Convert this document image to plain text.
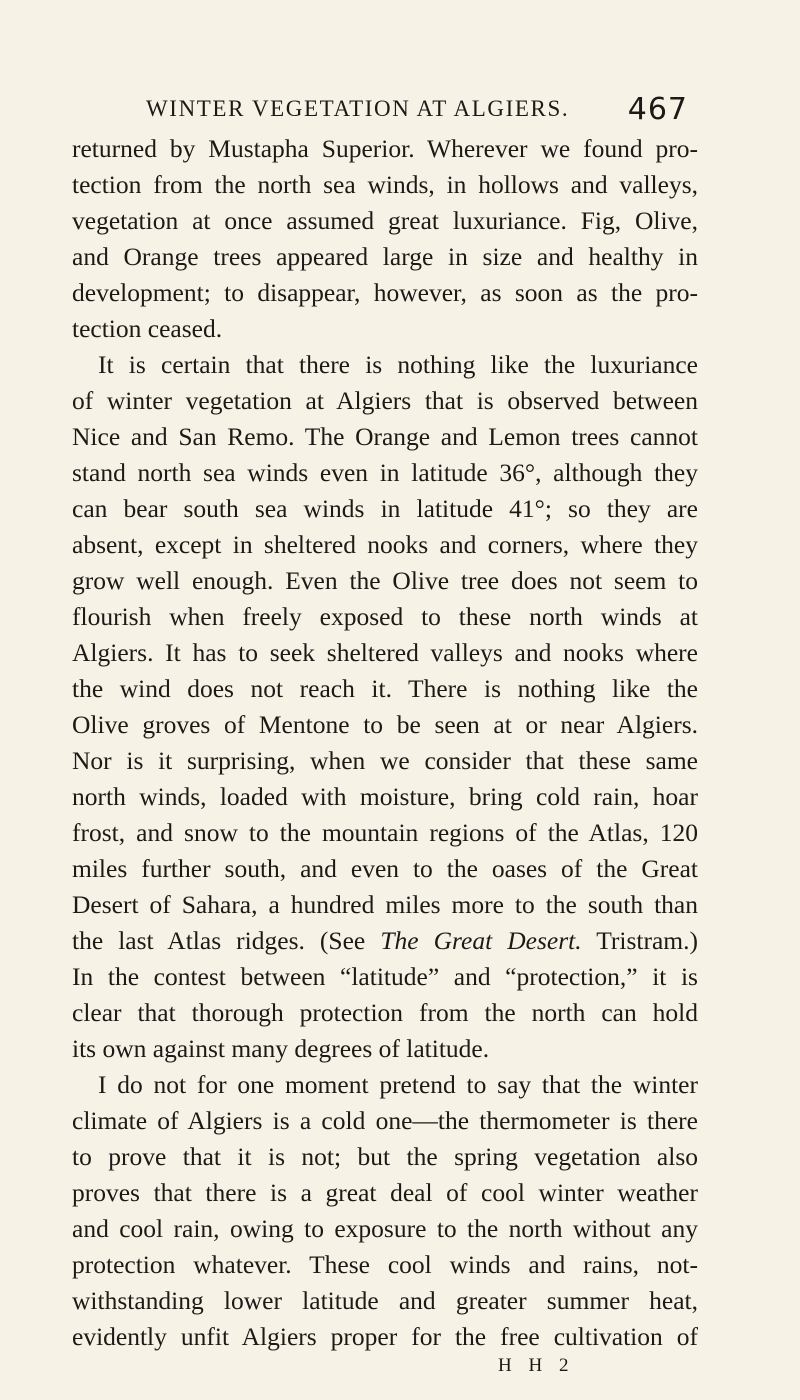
WINTER VEGETATION AT ALGIERS. 467
returned by Mustapha Superior. Wherever we found pro-
tection from the north sea winds, in hollows and valleys,
vegetation at once assumed great luxuriance. Fig, Olive,
and Orange trees appeared large in size and healthy in
development; to disappear, however, as soon as the pro-
tection ceased.
It is certain that there is nothing like the luxuriance
of winter vegetation at Algiers that is observed between
Nice and San Remo. The Orange and Lemon trees cannot
stand north sea winds even in latitude 36°, although they
can bear south sea winds in latitude 41°; so they are
absent, except in sheltered nooks and corners, where they
grow well enough. Even the Olive tree does not seem to
flourish when freely exposed to these north winds at
Algiers. It has to seek sheltered valleys and nooks where
the wind does not reach it. There is nothing like the
Olive groves of Mentone to be seen at or near Algiers.
Nor is it surprising, when we consider that these same
north winds, loaded with moisture, bring cold rain, hoar
frost, and snow to the mountain regions of the Atlas, 120
miles further south, and even to the oases of the Great
Desert of Sahara, a hundred miles more to the south than
the last Atlas ridges. (See The Great Desert. Tristram.)
In the contest between “latitude” and “protection,” it is
clear that thorough protection from the north can hold
its own against many degrees of latitude.
I do not for one moment pretend to say that the winter
climate of Algiers is a cold one—the thermometer is there
to prove that it is not; but the spring vegetation also
proves that there is a great deal of cool winter weather
and cool rain, owing to exposure to the north without any
protection whatever. These cool winds and rains, not-
withstanding lower latitude and greater summer heat,
evidently unfit Algiers proper for the free cultivation of
H H 2
